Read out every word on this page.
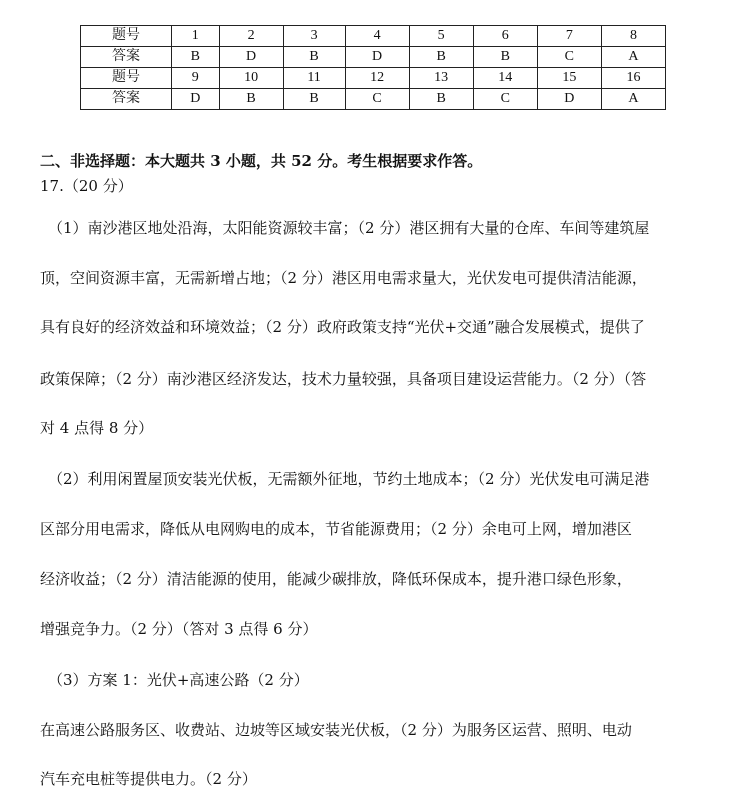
题号	1	2	3	4	5	6	7	8
答案	B	D	B	D	B	B	C	A
题号	9	10	11	12	13	14	15	16
答案	D	B	B	C	B	C	D	A
二、非选择题：本大题共 3 小题，共 52 分。考生根据要求作答。
17.（20 分）
（1）南沙港区地处沿海，太阳能资源较丰富；（2 分）港区拥有大量的仓库、车间等建筑屋
顶，空间资源丰富，无需新增占地；（2 分）港区用电需求量大，光伏发电可提供清洁能源，
具有良好的经济效益和环境效益；（2 分）政府政策支持“光伏+交通”融合发展模式，提供了
政策保障；（2 分）南沙港区经济发达，技术力量较强，具备项目建设运营能力。（2 分）（答
对 4 点得 8 分）
（2）利用闲置屋顶安装光伏板，无需额外征地，节约土地成本；（2 分）光伏发电可满足港
区部分用电需求，降低从电网购电的成本，节省能源费用；（2 分）余电可上网，增加港区
经济收益；（2 分）清洁能源的使用，能减少碳排放，降低环保成本，提升港口绿色形象，
增强竞争力。（2 分）（答对 3 点得 6 分）
（3）方案 1：光伏+高速公路（2 分）
在高速公路服务区、收费站、边坡等区域安装光伏板，（2 分）为服务区运营、照明、电动
汽车充电桩等提供电力。（2 分）
